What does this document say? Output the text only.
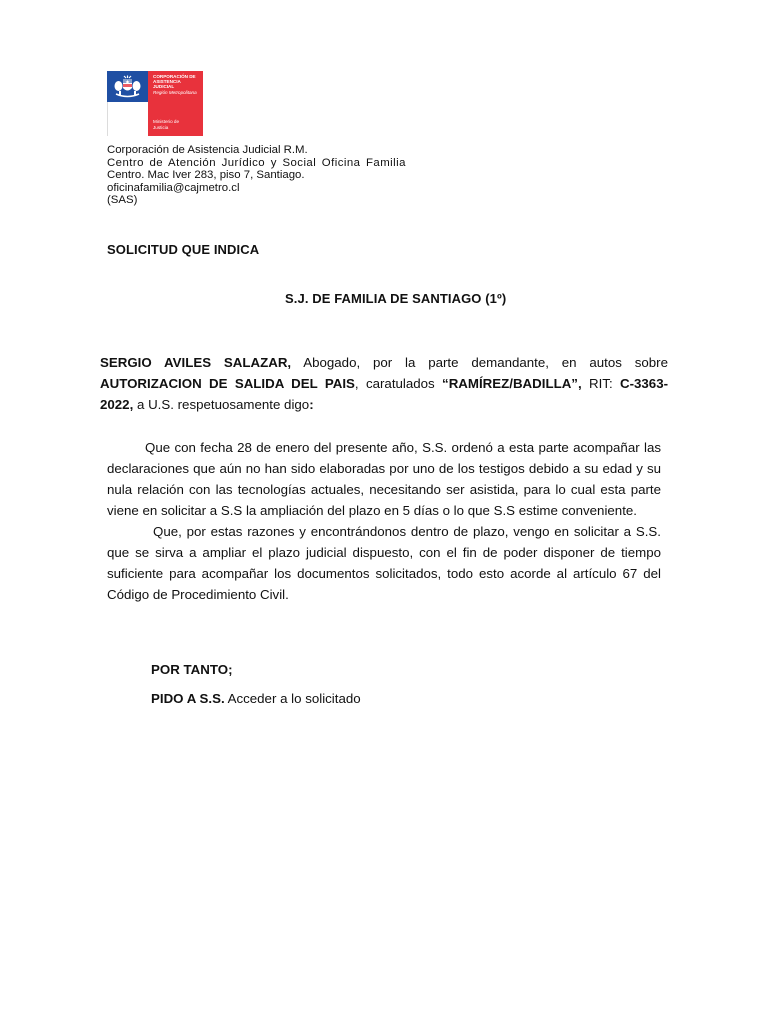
CORPORACIÓN DE
ASISTENCIA
JUDICIAL
Región Metropolitana
Ministerio de
Justicia
Corporación de Asistencia Judicial R.M.
Centro de Atención Jurídico y Social Oficina Familia
Centro. Mac Iver 283, piso 7, Santiago.
oficinafamilia@cajmetro.cl
(SAS)
SOLICITUD QUE INDICA
S.J. DE FAMILIA DE SANTIAGO (1º)
SERGIO AVILES SALAZAR, Abogado, por la parte demandante, en autos sobre AUTORIZACION DE SALIDA DEL PAIS, caratulados “RAMÍREZ/BADILLA”, RIT: C-3363-2022, a U.S. respetuosamente digo:
Que con fecha 28 de enero del presente año, S.S. ordenó a esta parte acompañar las declaraciones que aún no han sido elaboradas por uno de los testigos debido a su edad y su nula relación con las tecnologías actuales, necesitando ser asistida, para lo cual esta parte viene en solicitar a S.S la ampliación del plazo en 5 días o lo que S.S estime conveniente.
Que, por estas razones y encontrándonos dentro de plazo, vengo en solicitar a S.S. que se sirva a ampliar el plazo judicial dispuesto, con el fin de poder disponer de tiempo suficiente para acompañar los documentos solicitados, todo esto acorde al artículo 67 del Código de Procedimiento Civil.
POR TANTO;
PIDO A S.S. Acceder a lo solicitado
